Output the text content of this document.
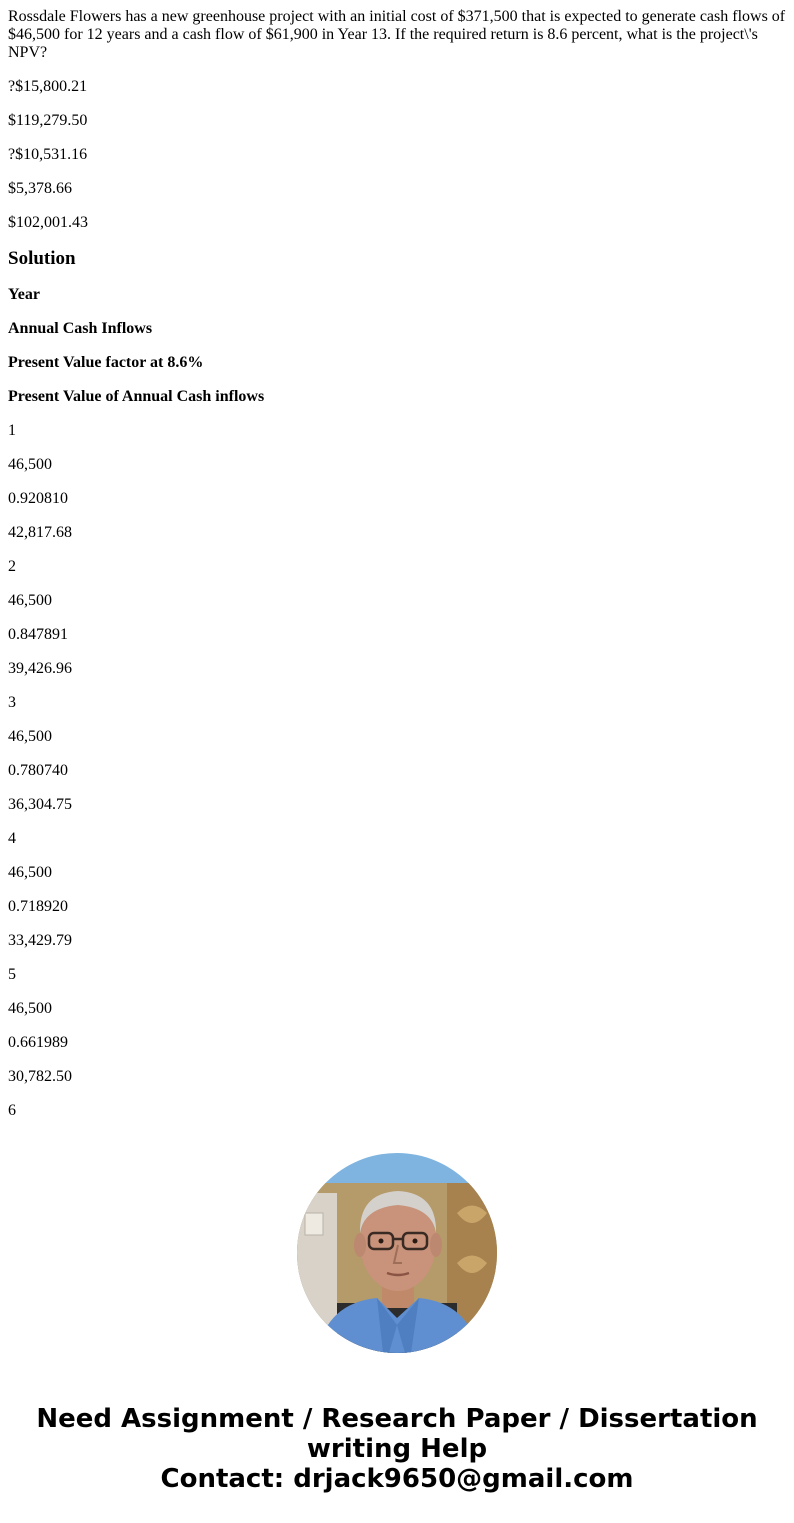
Rossdale Flowers has a new greenhouse project with an initial cost of $371,500 that is expected to generate cash flows of $46,500 for 12 years and a cash flow of $61,900 in Year 13. If the required return is 8.6 percent, what is the project\'s NPV?

?$15,800.21

$119,279.50

?$10,531.16

$5,378.66

$102,001.43

Solution

Year

Annual Cash Inflows

Present Value factor at 8.6%

Present Value of Annual Cash inflows

1

46,500

0.920810

42,817.68

2

46,500

0.847891

39,426.96

3

46,500

0.780740

36,304.75

4

46,500

0.718920

33,429.79

5

46,500

0.661989

30,782.50

6

Need Assignment / Research Paper / Dissertation
writing Help
Contact: drjack9650@gmail.com
